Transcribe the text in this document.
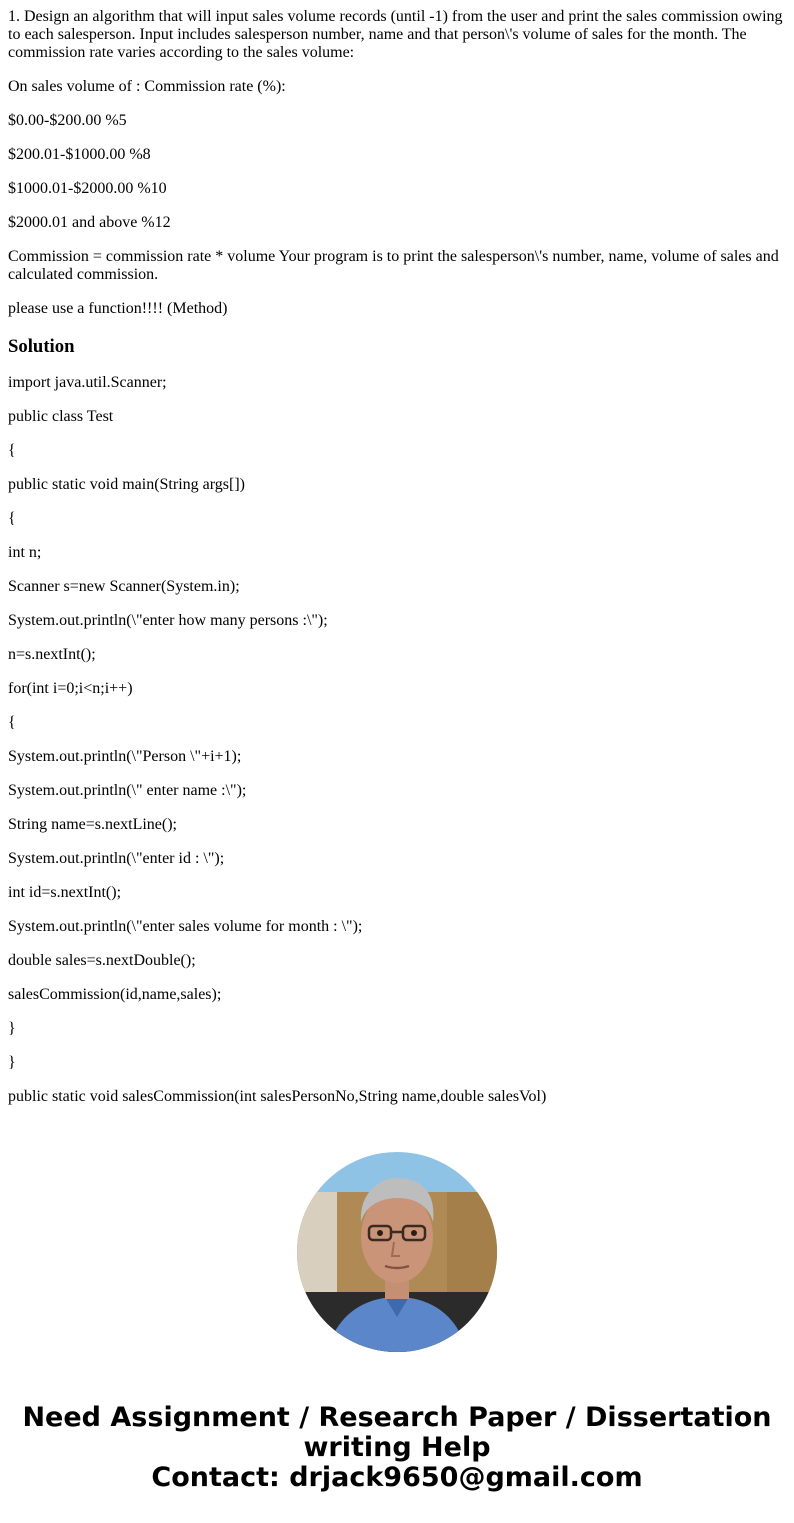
1. Design an algorithm that will input sales volume records (until -1) from the user and print the sales commission owing to each salesperson. Input includes salesperson number, name and that person\'s volume of sales for the month. The commission rate varies according to the sales volume:

On sales volume of : Commission rate (%):

$0.00-$200.00 %5

$200.01-$1000.00 %8

$1000.01-$2000.00 %10

$2000.01 and above %12

Commission = commission rate * volume Your program is to print the salesperson\'s number, name, volume of sales and calculated commission.

please use a function!!!! (Method)

Solution

import java.util.Scanner;

public class Test

{

public static void main(String args[])

{

int n;

Scanner s=new Scanner(System.in);

System.out.println(\"enter how many persons :\");

n=s.nextInt();

for(int i=0;i<n;i++)

{

System.out.println(\"Person \"+i+1);

System.out.println(\" enter name :\");

String name=s.nextLine();

System.out.println(\"enter id : \");

int id=s.nextInt();

System.out.println(\"enter sales volume for month : \");

double sales=s.nextDouble();

salesCommission(id,name,sales);

}

}

public static void salesCommission(int salesPersonNo,String name,double salesVol)

Need Assignment / Research Paper / Dissertation
writing Help
Contact: drjack9650@gmail.com
